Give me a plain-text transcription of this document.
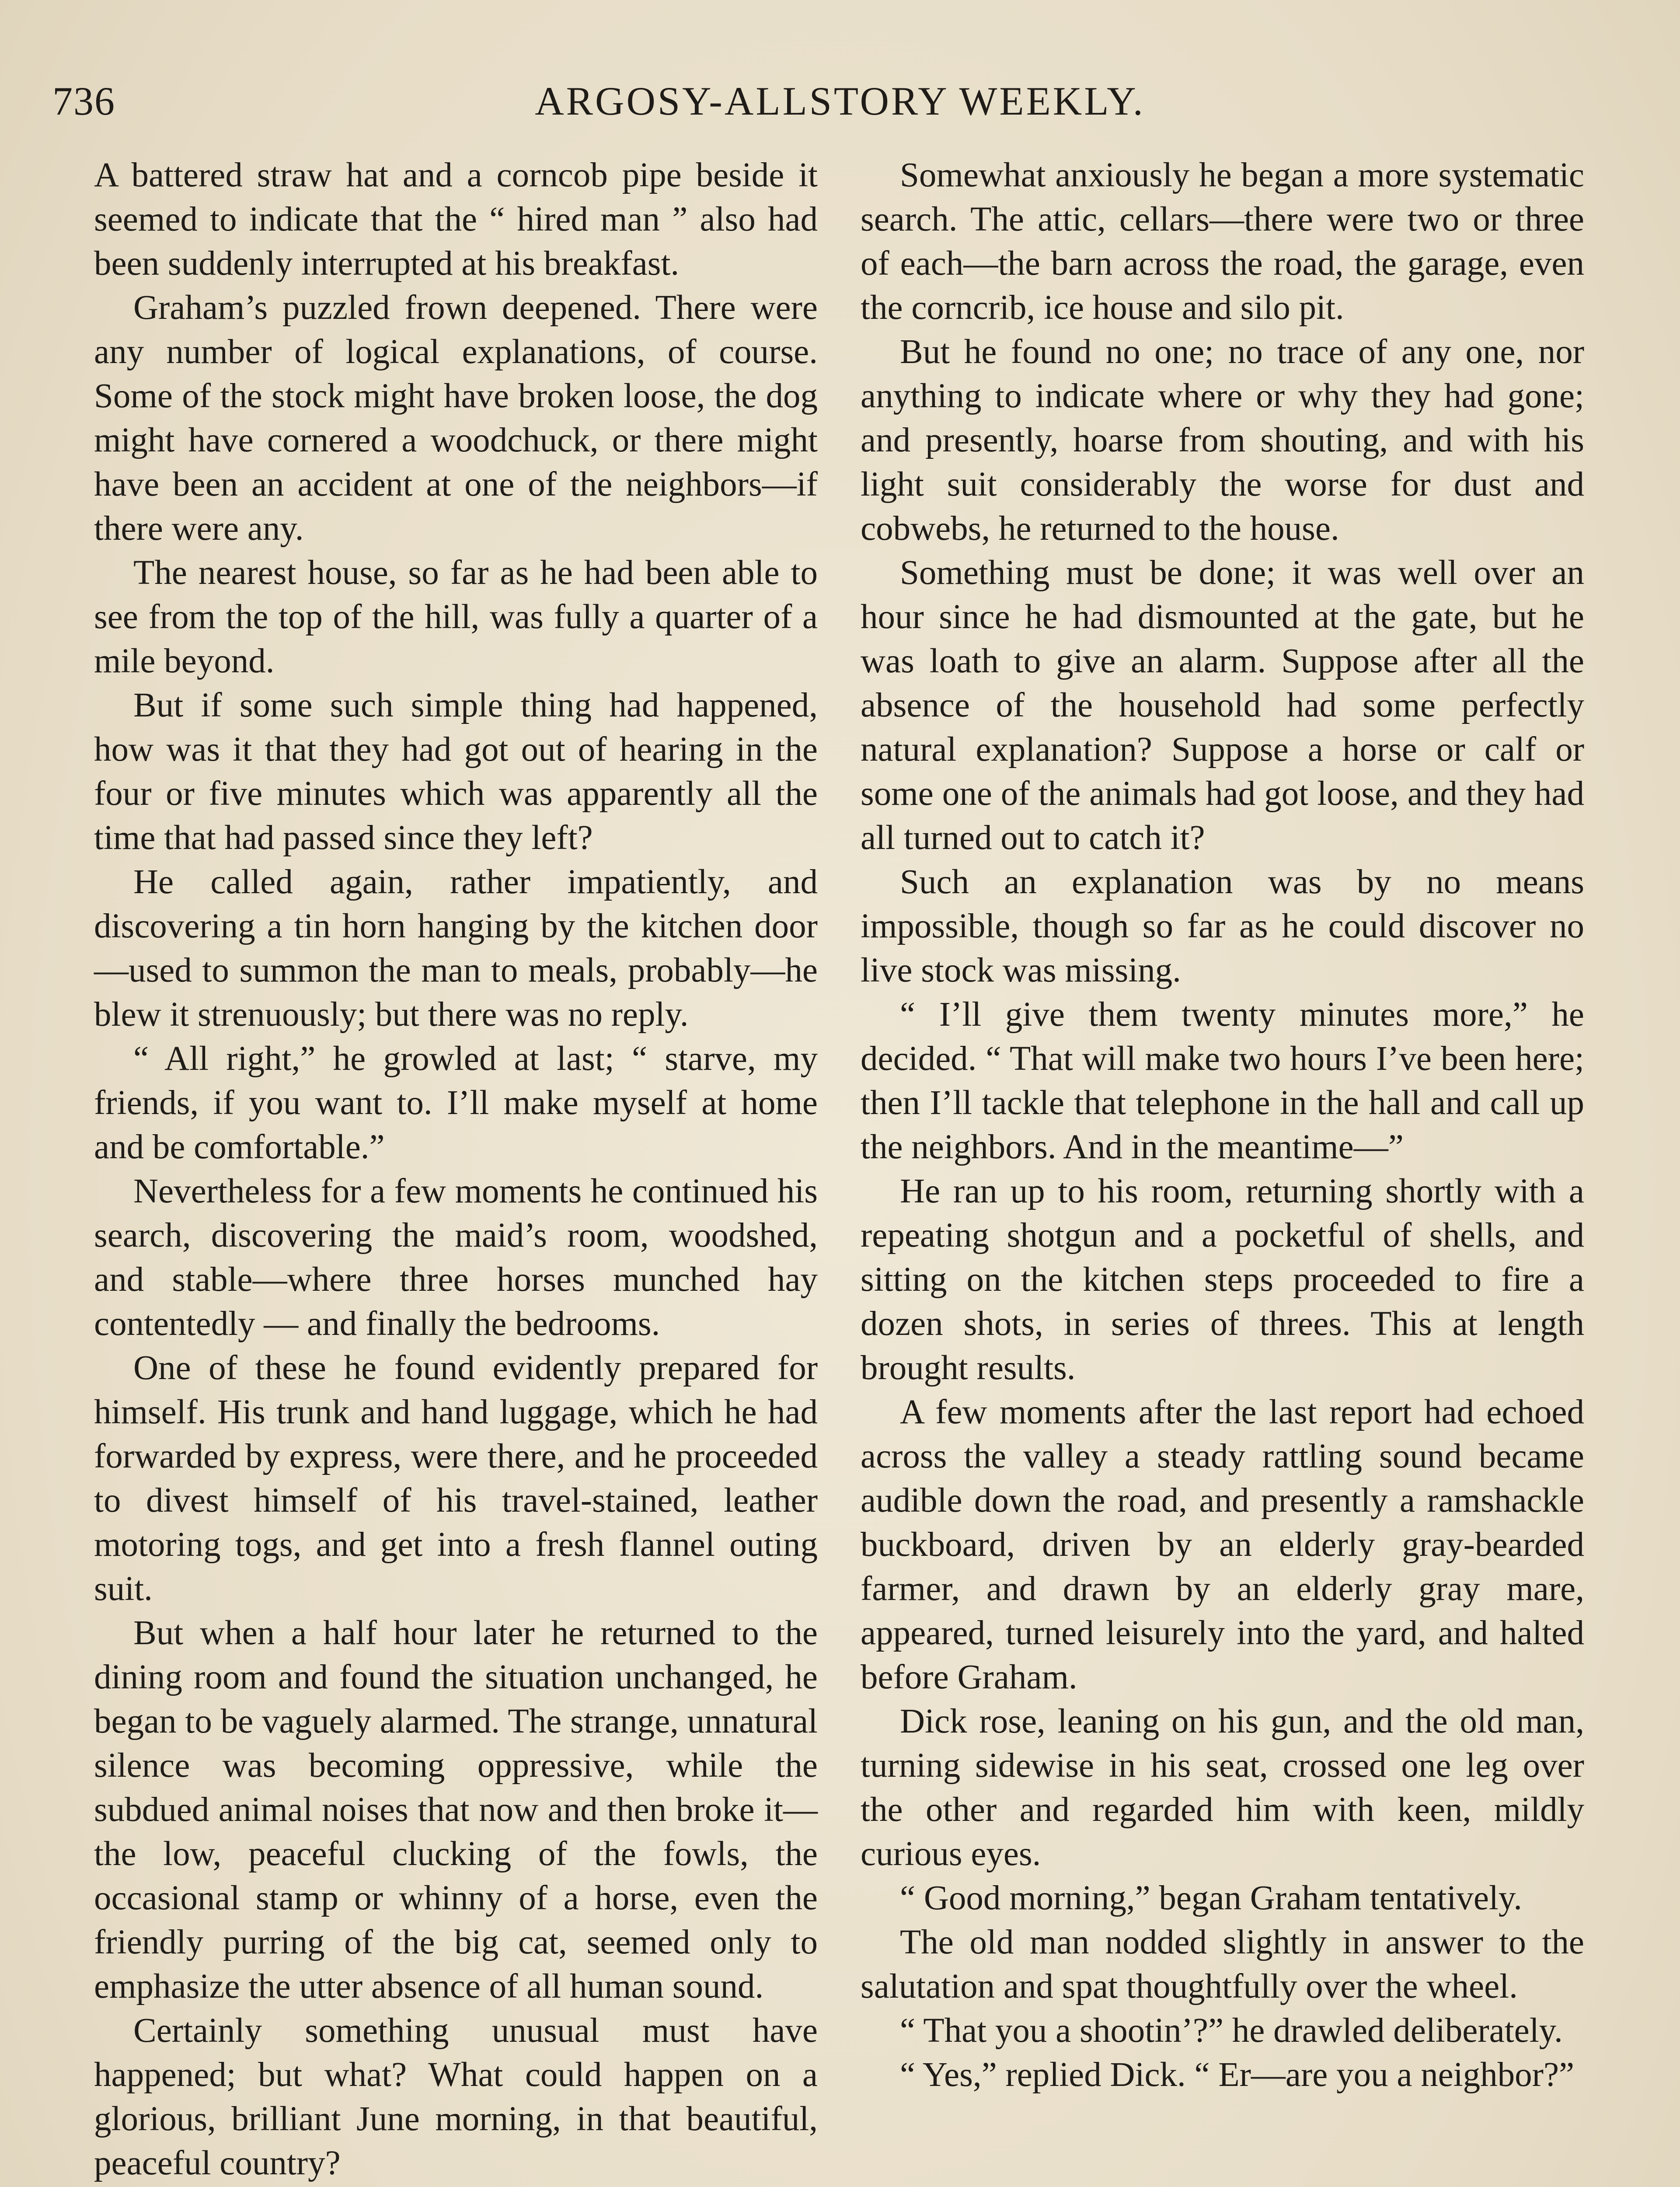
736	ARGOSY-ALLSTORY WEEKLY.

A battered straw hat and a corncob pipe beside it seemed to indicate that the “ hired man ” also had been suddenly interrupted at his breakfast.

Graham’s puzzled frown deepened. There were any number of logical explanations, of course. Some of the stock might have broken loose, the dog might have cornered a woodchuck, or there might have been an accident at one of the neighbors—if there were any.

The nearest house, so far as he had been able to see from the top of the hill, was fully a quarter of a mile beyond.

But if some such simple thing had happened, how was it that they had got out of hearing in the four or five minutes which was apparently all the time that had passed since they left?

He called again, rather impatiently, and discovering a tin horn hanging by the kitchen door—used to summon the man to meals, probably—he blew it strenuously; but there was no reply.

“ All right,” he growled at last; “ starve, my friends, if you want to. I’ll make myself at home and be comfortable.”

Nevertheless for a few moments he continued his search, discovering the maid’s room, woodshed, and stable—where three horses munched hay contentedly — and finally the bedrooms.

One of these he found evidently prepared for himself. His trunk and hand luggage, which he had forwarded by express, were there, and he proceeded to divest himself of his travel-stained, leather motoring togs, and get into a fresh flannel outing suit.

But when a half hour later he returned to the dining room and found the situation unchanged, he began to be vaguely alarmed. The strange, unnatural silence was becoming oppressive, while the subdued animal noises that now and then broke it—the low, peaceful clucking of the fowls, the occasional stamp or whinny of a horse, even the friendly purring of the big cat, seemed only to emphasize the utter absence of all human sound.

Certainly something unusual must have happened; but what? What could happen on a glorious, brilliant June morning, in that beautiful, peaceful country?

Somewhat anxiously he began a more systematic search. The attic, cellars—there were two or three of each—the barn across the road, the garage, even the corncrib, ice house and silo pit.

But he found no one; no trace of any one, nor anything to indicate where or why they had gone; and presently, hoarse from shouting, and with his light suit considerably the worse for dust and cobwebs, he returned to the house.

Something must be done; it was well over an hour since he had dismounted at the gate, but he was loath to give an alarm. Suppose after all the absence of the household had some perfectly natural explanation? Suppose a horse or calf or some one of the animals had got loose, and they had all turned out to catch it?

Such an explanation was by no means impossible, though so far as he could discover no live stock was missing.

“ I’ll give them twenty minutes more,” he decided. “ That will make two hours I’ve been here; then I’ll tackle that telephone in the hall and call up the neighbors. And in the meantime—”

He ran up to his room, returning shortly with a repeating shotgun and a pocketful of shells, and sitting on the kitchen steps proceeded to fire a dozen shots, in series of threes. This at length brought results.

A few moments after the last report had echoed across the valley a steady rattling sound became audible down the road, and presently a ramshackle buckboard, driven by an elderly gray-bearded farmer, and drawn by an elderly gray mare, appeared, turned leisurely into the yard, and halted before Graham.

Dick rose, leaning on his gun, and the old man, turning sidewise in his seat, crossed one leg over the other and regarded him with keen, mildly curious eyes.

“ Good morning,” began Graham tentatively.

The old man nodded slightly in answer to the salutation and spat thoughtfully over the wheel.

“ That you a shootin’?” he drawled deliberately.

“ Yes,” replied Dick. “ Er—are you a neighbor?”
